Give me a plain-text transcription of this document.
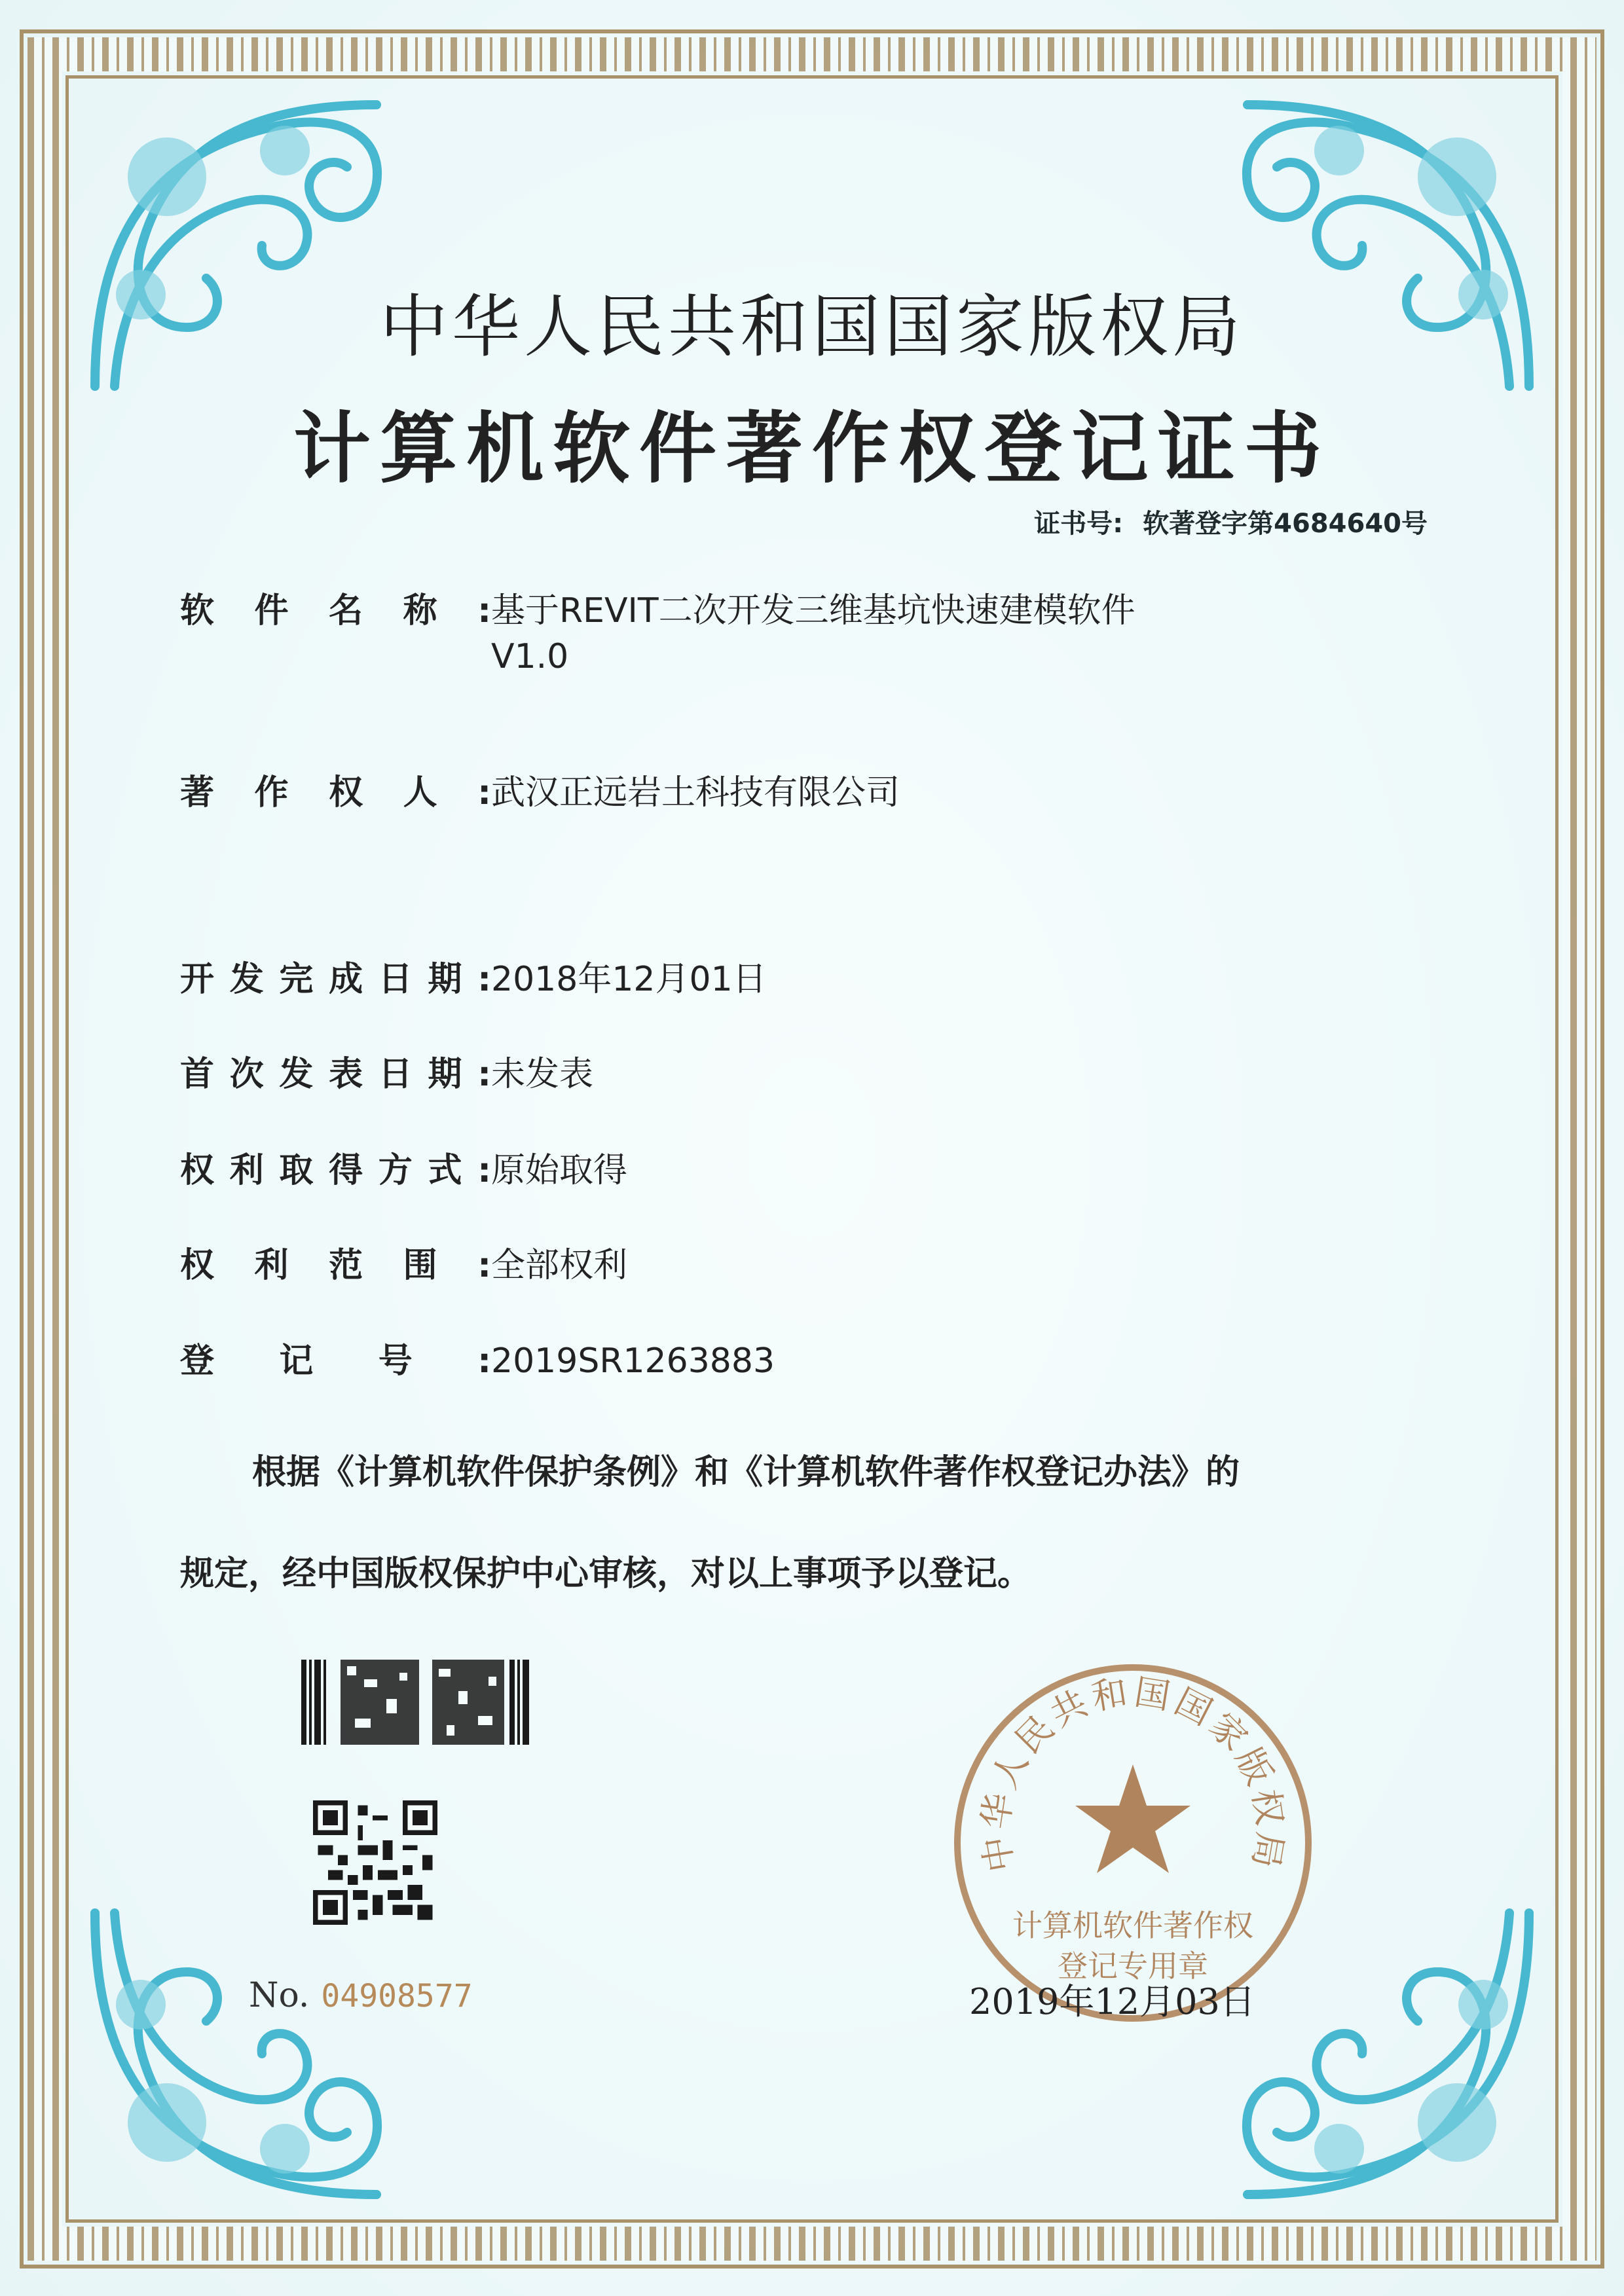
中华人民共和国国家版权局
计算机软件著作权登记证书
证书号: 软著登字第4684640号
软件名称: 基于REVIT二次开发三维基坑快速建模软件
V1.0
著作权人: 武汉正远岩土科技有限公司
开发完成日期: 2018年12月01日
首次发表日期: 未发表
权利取得方式: 原始取得
权利范围: 全部权利
登记号: 2019SR1263883
根据《计算机软件保护条例》和《计算机软件著作权登记办法》的
规定，经中国版权保护中心审核，对以上事项予以登记。
No. 04908577
中华人民共和国国家版权局
计算机软件著作权
登记专用章
2019年12月03日
